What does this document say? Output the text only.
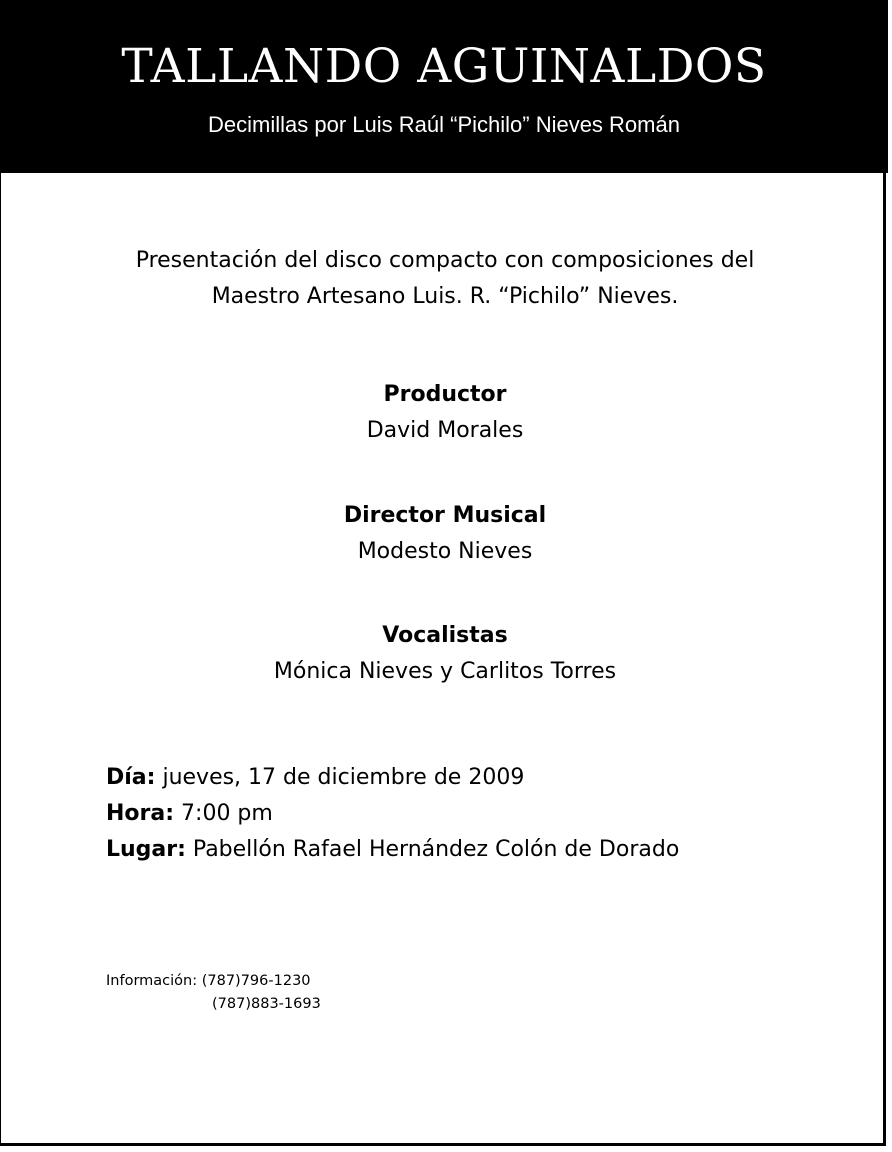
TALLANDO AGUINALDOS

Decimillas por Luis Raúl “Pichilo” Nieves Román

Presentación del disco compacto con composiciones del
Maestro Artesano Luis. R. “Pichilo” Nieves.
Productor
David Morales
Director Musical
Modesto Nieves
Vocalistas
Mónica Nieves y Carlitos Torres
Día: jueves, 17 de diciembre de 2009
Hora: 7:00 pm
Lugar: Pabellón Rafael Hernández Colón de Dorado
Información: (787)796-1230
(787)883-1693
